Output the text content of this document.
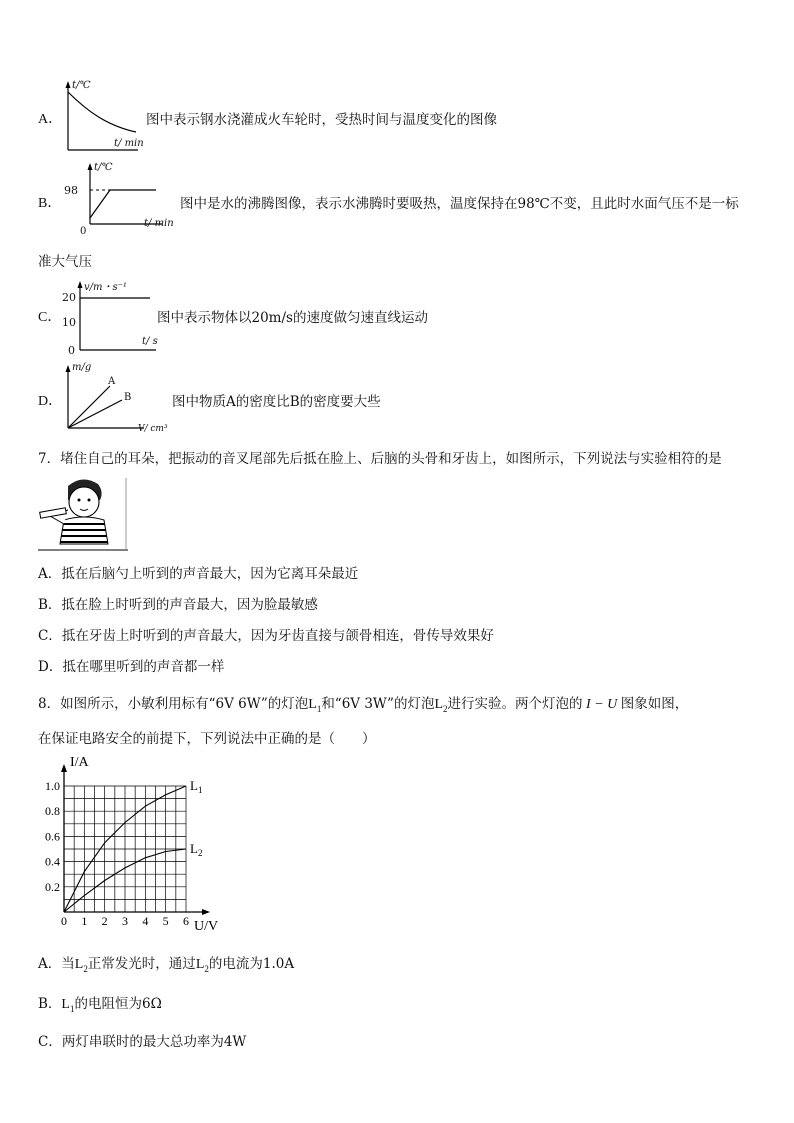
A．
t/℃
t/ min
图中表示钢水浇灌成火车轮时，受热时间与温度变化的图像
B．
t/℃
98
0
t/ min
图中是水的沸腾图像，表示水沸腾时要吸热，温度保持在98℃不变，且此时水面气压不是一标
准大气压
C．
v/m・s⁻¹
20
10
0
t/ s
图中表示物体以20m/s的速度做匀速直线运动
D．
m/g
A
B
V/ cm³
图中物质A的密度比B的密度要大些
7．堵住自己的耳朵，把振动的音叉尾部先后抵在脸上、后脑的头骨和牙齿上，如图所示，下列说法与实验相符的是
A．抵在后脑勺上听到的声音最大，因为它离耳朵最近
B．抵在脸上时听到的声音最大，因为脸最敏感
C．抵在牙齿上时听到的声音最大，因为牙齿直接与颌骨相连，骨传导效果好
D．抵在哪里听到的声音都一样
8．如图所示，小敏利用标有“6V 6W”的灯泡$L_1$和“6V 3W”的灯泡$L_2$进行实验。两个灯泡的 I − U 图象如图，
在保证电路安全的前提下，下列说法中正确的是（　　）
0 1 2 3 4 5 6
0.2
0.4
0.6
0.8
1.0
I/A
U/V
$L_1$
$L_2$
A．当$L_2$正常发光时，通过$L_2$的电流为1.0A
B．$L_1$的电阻恒为6Ω
C．两灯串联时的最大总功率为4W
